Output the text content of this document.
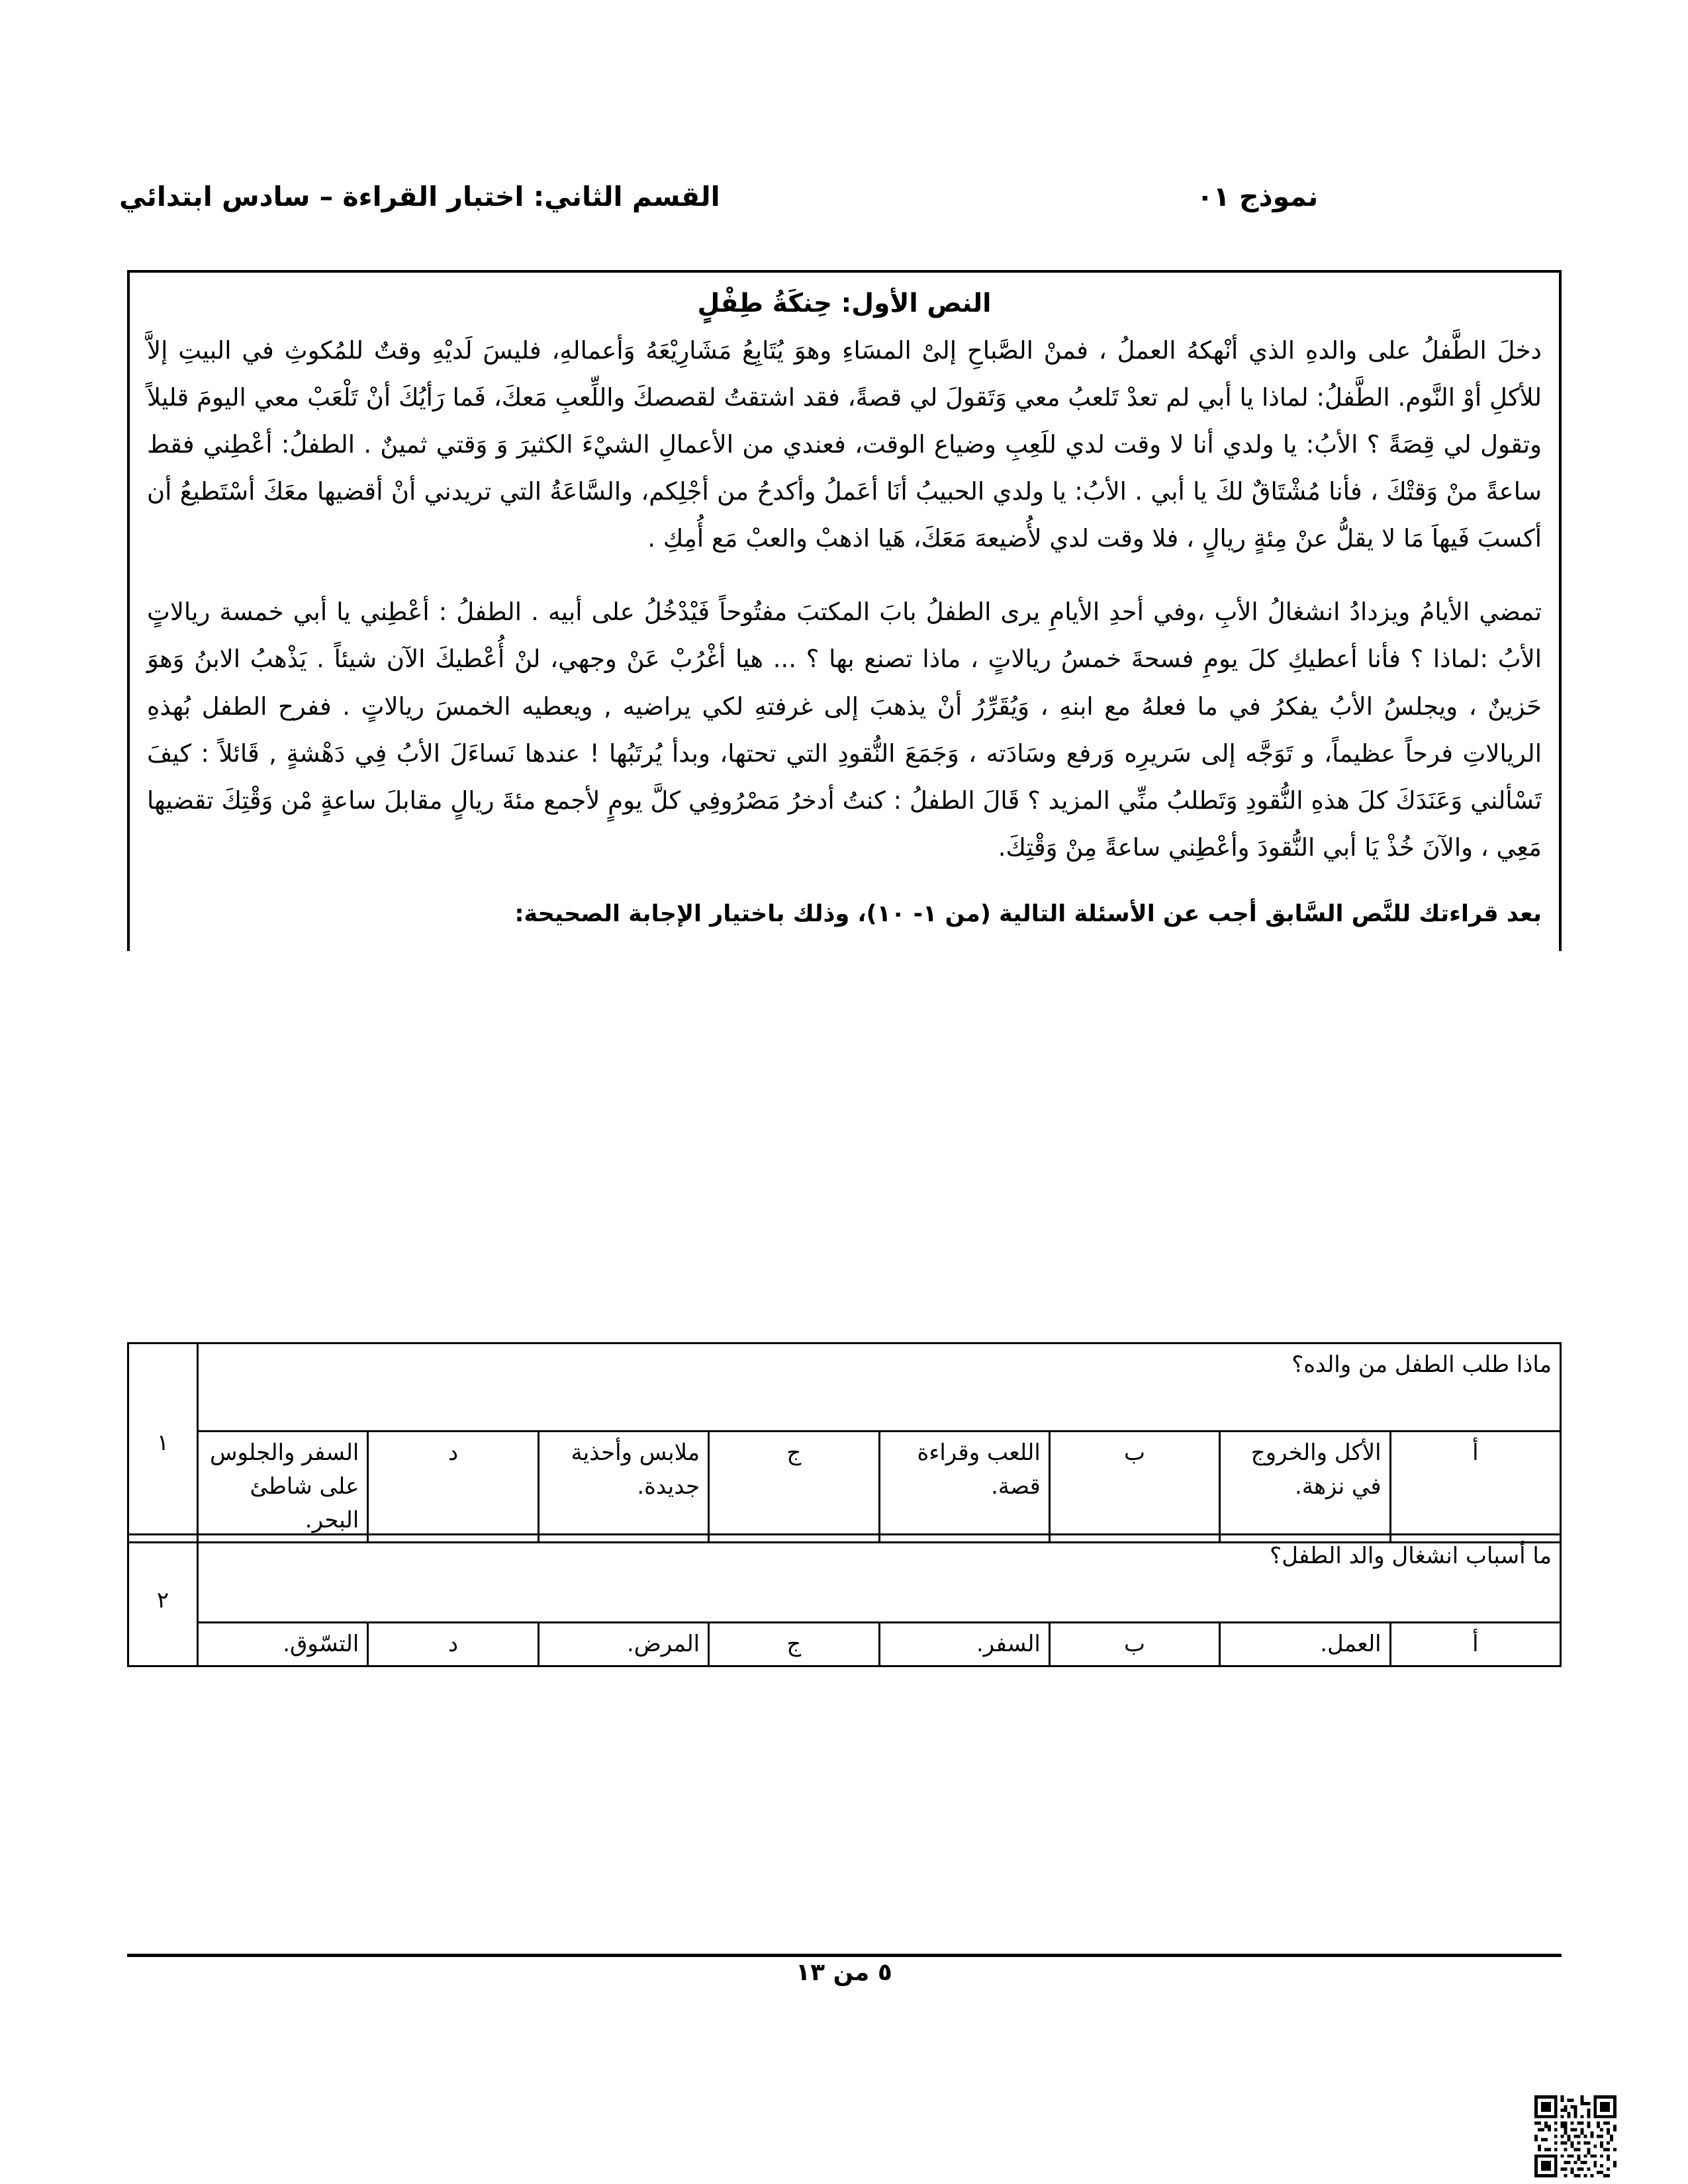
القسم الثاني: اختبار القراءة – سادس ابتدائي	نموذج ٠١
النص الأول: حِنكَةُ طِفْلٍ

دخلَ الطَّفلُ على والدهِ الذي أنْهكهُ العملُ ، فمنْ الصَّباحِ إلىْ المسَاءِ وهوَ يُتَابِعُ مَشَارِيْعَهُ وَأعمالهِ، فليسَ لَديْهِ وقتٌ للمُكوثِ في البيتِ إلاَّ للأكلِ أوْ النَّوم. الطَّفلُ: لماذا يا أبي لم تعدْ تَلعبُ معي وَتَقولَ لي قصةً، فقد اشتقتُ لقصصكَ واللِّعبِ مَعكَ، فَما رَأيُكَ أنْ تَلْعَبْ معي اليومَ قليلاً وتقول لي قِصَةً ؟ الأبُ: يا ولدي أنا لا وقت لدي للَعِبِ وضياع الوقت، فعندي من الأعمالِ الشيْءَ الكثيرَ وَ وَقتي ثمينٌ . الطفلُ: أعْطِني فقط ساعةً منْ وَقتْكَ ، فأنا مُشْتَاقٌ لكَ يا أبي . الأبُ: يا ولدي الحبيبُ أنَا أعَملُ وأكدحُ من أجْلِكم، والسَّاعَةُ التي تريدني أنْ أقضيها معَكَ أسْتَطيعُ أن أكسبَ فَيهاَ مَا لا يقلُّ عنْ مِئةٍ ريالٍ ، فلا وقت لدي لأُضيعهَ مَعَكَ، هَيا اذهبْ والعبْ مَع أُمِكِ .

تمضي الأيامُ ويزدادُ انشغالُ الأبِ ،وفي أحدِ الأيامِ يرى الطفلُ بابَ المكتبَ مفتُوحاً فَيْدْخُلُ على أبيه . الطفلُ : أعْطِني يا أبي خمسة ريالاتٍ الأبُ :لماذا ؟ فأنا أعطيكِ كلَ يومِ فسحةَ خمسُ ريالاتٍ ، ماذا تصنع بها ؟ ... هيا أغْرُبْ عَنْ وجهي، لنْ أُعْطيكَ الآن شيئاً . يَذْهبُ الابنُ وَهوَ حَزينٌ ، ويجلسُ الأبُ يفكرُ في ما فعلهُ مع ابنهِ ، وَيُقَرِّرُ أنْ يذهبَ إلى غرفتهِ لكي يراضيه , ويعطيه الخمسَ ريالاتٍ . ففرح الطفل بُهذهِ الريالاتِ فرحاً عظيماً، و تَوَجَّه إلى سَريرِه وَرفع وسَادَته ، وَجَمَعَ النُّقودِ التي تحتها، وبدأ يُرتَبُها ! عندها نَساءَلَ الأبُ فِي دَهْشةٍ , قَائلاً : كيفَ تَسْألني وَعَنَدَكَ كلَ هذهِ النُّقودِ وَتَطلبُ منِّي المزيد ؟ قَالَ الطفلُ : كنتُ أدخرُ مَصْرُوفِي كلَّ يومٍ لأجمع مئةَ ريالٍ مقابلَ ساعةٍ مْن وَقْتِكَ تقضيها مَعِي ، والآنَ خُذْ يَا أبي النُّقودَ وأعْطِني ساعةً مِنْ وَقْتِكَ.

بعد قراءتك للنَّص السَّابق أجب عن الأسئلة التالية (من ١- ١٠)، وذلك باختيار الإجابة الصحيحة:
ماذا طلب الطفل من والده؟								١
أ	الأكل والخروج في نزهة.	ب	اللعب وقراءة قصة.	ج	ملابس وأحذية جديدة.	د	السفر والجلوس على شاطئ البحر.	
ما أسباب انشغال والد الطفل؟								٢
أ	العمل.	ب	السفر.	ج	المرض.	د	التسّوق.	
٥ من ١٣
